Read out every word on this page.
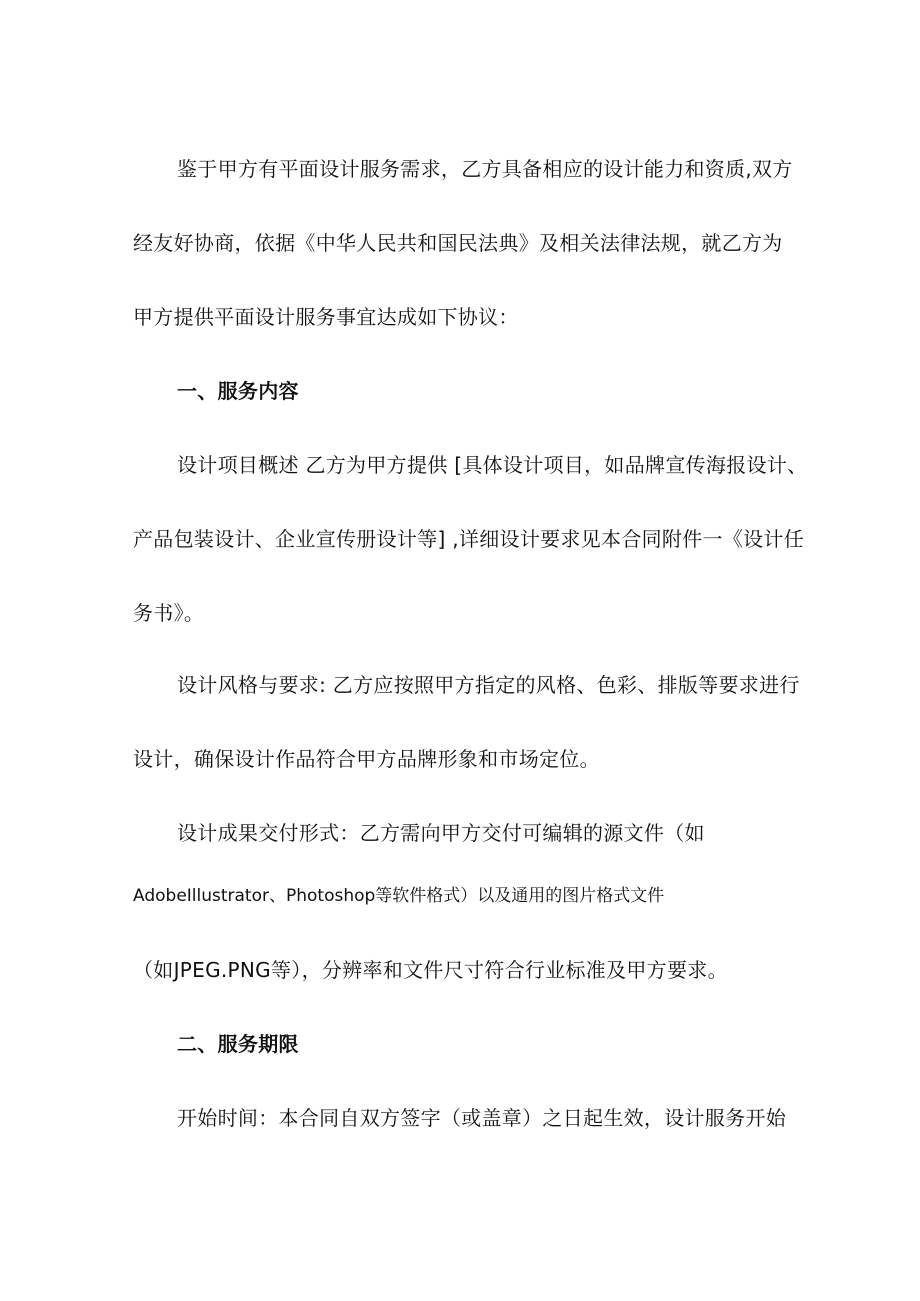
鉴于甲方有平面设计服务需求，乙方具备相应的设计能力和资质,双方
经友好协商，依据《中华人民共和国民法典》及相关法律法规，就乙方为
甲方提供平面设计服务事宜达成如下协议：
一、服务内容
设计项目概述 乙方为甲方提供 [具体设计项目，如品牌宣传海报设计、
产品包装设计、企业宣传册设计等] ,详细设计要求见本合同附件一《设计任
务书》。
设计风格与要求: 乙方应按照甲方指定的风格、色彩、排版等要求进行
设计，确保设计作品符合甲方品牌形象和市场定位。
设计成果交付形式：乙方需向甲方交付可编辑的源文件（如
AdobeIllustrator、Photoshop等软件格式）以及通用的图片格式文件
（如JPEG.PNG等），分辨率和文件尺寸符合行业标准及甲方要求。
二、服务期限
开始时间：本合同自双方签字（或盖章）之日起生效，设计服务开始
